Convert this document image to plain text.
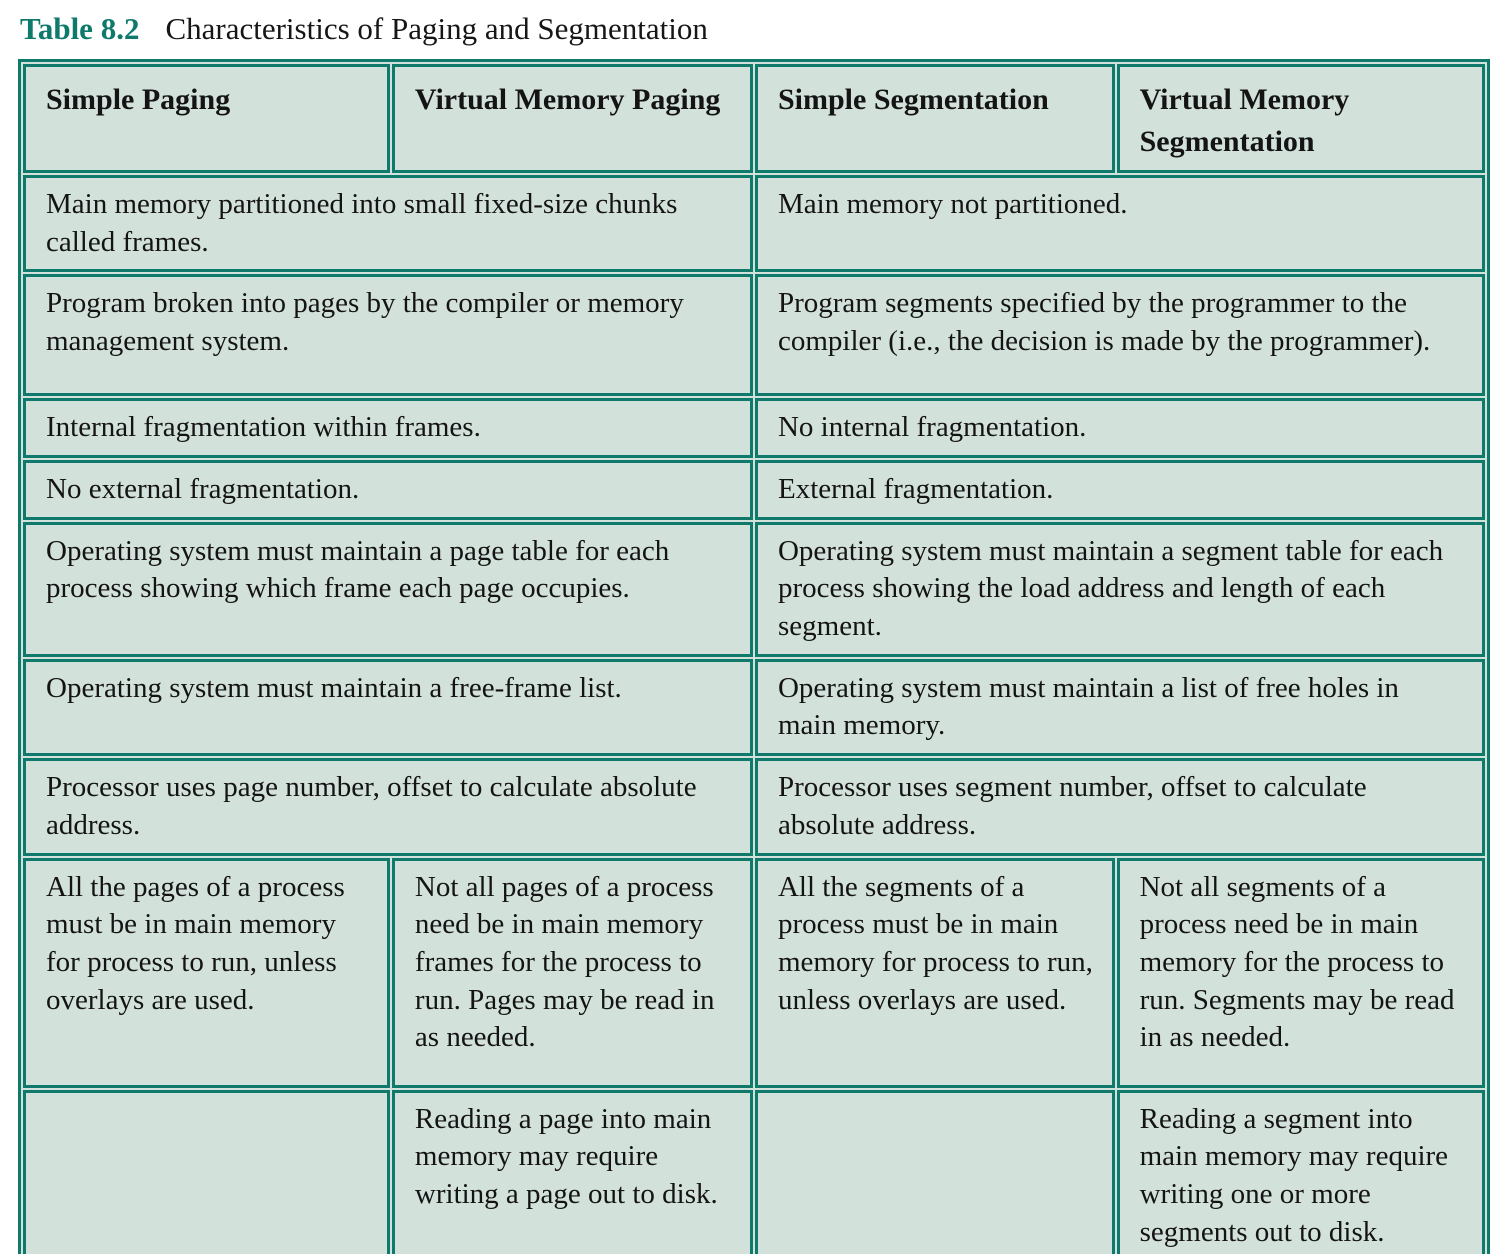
Table 8.2 Characteristics of Paging and Segmentation
Simple Paging	Virtual Memory Paging	Simple Segmentation	Virtual Memory Segmentation
Main memory partitioned into small fixed-size chunks called frames.		Main memory not partitioned.	
Program broken into pages by the compiler or memory management system.		Program segments specified by the programmer to the compiler (i.e., the decision is made by the programmer).	
Internal fragmentation within frames.		No internal fragmentation.	
No external fragmentation.		External fragmentation.	
Operating system must maintain a page table for each process showing which frame each page occupies.		Operating system must maintain a segment table for each process showing the load address and length of each segment.	
Operating system must maintain a free-frame list.		Operating system must maintain a list of free holes in main memory.	
Processor uses page number, offset to calculate absolute address.		Processor uses segment number, offset to calculate absolute address.	
All the pages of a process must be in main memory for process to run, unless overlays are used.	Not all pages of a process need be in main memory frames for the process to run. Pages may be read in as needed.	All the segments of a process must be in main memory for process to run, unless overlays are used.	Not all segments of a process need be in main memory for the process to run. Segments may be read in as needed.
	Reading a page into main memory may require writing a page out to disk.		Reading a segment into main memory may require writing one or more segments out to disk.
